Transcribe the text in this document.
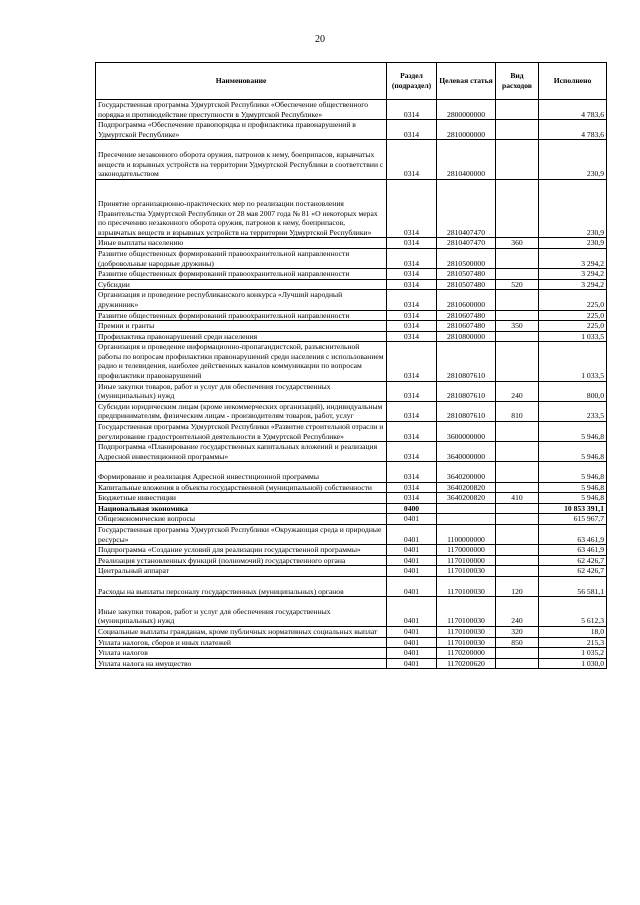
20
Наименование	Раздел (подраздел)	Целевая статья	Вид расходов	Исполнено
Государственная программа Удмуртской Республики «Обеспечение общественного порядка и противодействие преступности в Удмуртской Республике»	0314	2800000000		4 783,6
Подпрограмма «Обеспечение правопорядка и профилактика правонарушений в Удмуртской Республике»	0314	2810000000		4 783,6
Пресечение незаконного оборота оружия, патронов к нему, боеприпасов, взрывчатых веществ и взрывных устройств на территории Удмуртской Республики в соответствии с законодательством	0314	2810400000		230,9
Принятие организационно-практических мер по реализации постановления Правительства Удмуртской Республики от 28 мая 2007 года № 81 «О некоторых мерах по пресечению незаконного оборота оружия, патронов к нему, боеприпасов, взрывчатых веществ и взрывных устройств на территории Удмуртской Республики»	0314	2810407470		230,9
Иные выплаты населению	0314	2810407470	360	230,9
Развитие общественных формирований правоохранительной направленности (добровольные народные дружины)	0314	2810500000		3 294,2
Развитие общественных формирований правоохранительной направленности	0314	2810507480		3 294,2
Субсидии	0314	2810507480	520	3 294,2
Организация и проведение республиканского конкурса «Лучший народный дружинник»	0314	2810600000		225,0
Развитие общественных формирований правоохранительной направленности	0314	2810607480		225,0
Премии и гранты	0314	2810607480	350	225,0
Профилактика правонарушений среди населения	0314	2810800000		1 033,5
Организация и проведение информационно-пропагандистской, разъяснительной работы по вопросам профилактики правонарушений среди населения с использованием радио и телевидения, наиболее действенных каналов коммуникации по вопросам профилактики правонарушений	0314	2810807610		1 033,5
Иные закупки товаров, работ и услуг для обеспечения государственных (муниципальных) нужд	0314	2810807610	240	800,0
Субсидии юридическим лицам (кроме некоммерческих организаций), индивидуальным предпринимателям, физическим лицам - производителям товаров, работ, услуг	0314	2810807610	810	233,5
Государственная программа Удмуртской Республики «Развитие строительной отрасли и регулирование градостроительной деятельности в Удмуртской Республике»	0314	3600000000		5 946,8
Подпрограмма «Планирование государственных капитальных вложений и реализация Адресной инвестиционной программы»	0314	3640000000		5 946,8
Формирование и реализация Адресной инвестиционной программы	0314	3640200000		5 946,8
Капитальные вложения в объекты государственной (муниципальной) собственности	0314	3640200820		5 946,8
Бюджетные инвестиции	0314	3640200820	410	5 946,8
Национальная экономика	0400			10 853 391,1
Общеэкономические вопросы	0401			615 967,7
Государственная программа Удмуртской Республики «Окружающая среда и природные ресурсы»	0401	1100000000		63 461,9
Подпрограмма «Создание условий для реализации государственной программы»	0401	1170000000		63 461,9
Реализация установленных функций (полномочий) государственного органа	0401	1170100000		62 426,7
Центральный аппарат	0401	1170100030		62 426,7
Расходы на выплаты персоналу государственных (муниципальных) органов	0401	1170100030	120	56 581,1
Иные закупки товаров, работ и услуг для обеспечения государственных (муниципальных) нужд	0401	1170100030	240	5 612,3
Социальные выплаты гражданам, кроме публичных нормативных социальных выплат	0401	1170100030	320	18,0
Уплата налогов, сборов и иных платежей	0401	1170100030	850	215,3
Уплата налогов	0401	1170200000		1 035,2
Уплата налога на имущество	0401	1170200620		1 030,0
